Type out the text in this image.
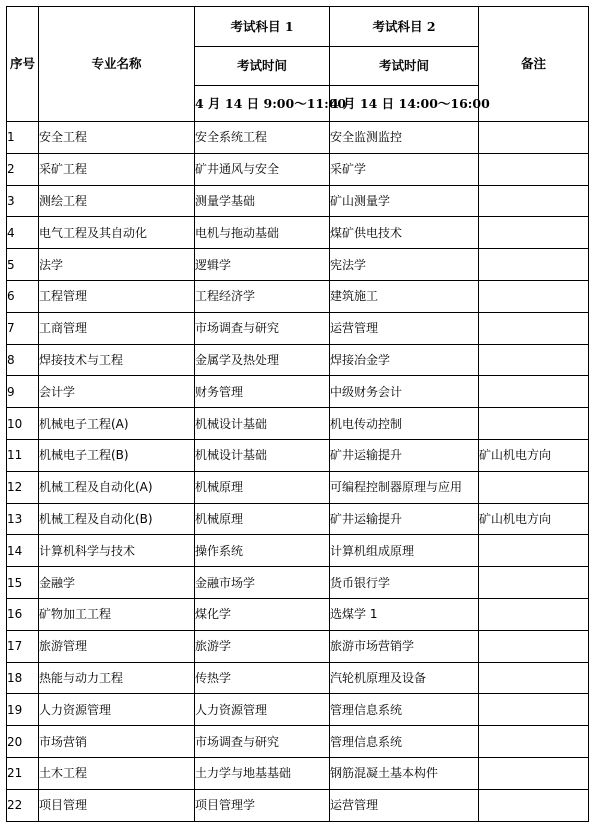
序号	专业名称	考试科目 1	考试科目 2	备注
		考试时间	考试时间	
		4 月 14 日 9:00～11:00	4 月 14 日 14:00～16:00	
1	安全工程	安全系统工程	安全监测监控	
2	采矿工程	矿井通风与安全	采矿学	
3	测绘工程	测量学基础	矿山测量学	
4	电气工程及其自动化	电机与拖动基础	煤矿供电技术	
5	法学	逻辑学	宪法学	
6	工程管理	工程经济学	建筑施工	
7	工商管理	市场调查与研究	运营管理	
8	焊接技术与工程	金属学及热处理	焊接冶金学	
9	会计学	财务管理	中级财务会计	
10	机械电子工程(A)	机械设计基础	机电传动控制	
11	机械电子工程(B)	机械设计基础	矿井运输提升	矿山机电方向
12	机械工程及自动化(A)	机械原理	可编程控制器原理与应用	
13	机械工程及自动化(B)	机械原理	矿井运输提升	矿山机电方向
14	计算机科学与技术	操作系统	计算机组成原理	
15	金融学	金融市场学	货币银行学	
16	矿物加工工程	煤化学	选煤学 1	
17	旅游管理	旅游学	旅游市场营销学	
18	热能与动力工程	传热学	汽轮机原理及设备	
19	人力资源管理	人力资源管理	管理信息系统	
20	市场营销	市场调查与研究	管理信息系统	
21	土木工程	土力学与地基基础	钢筋混凝土基本构件	
22	项目管理	项目管理学	运营管理	
